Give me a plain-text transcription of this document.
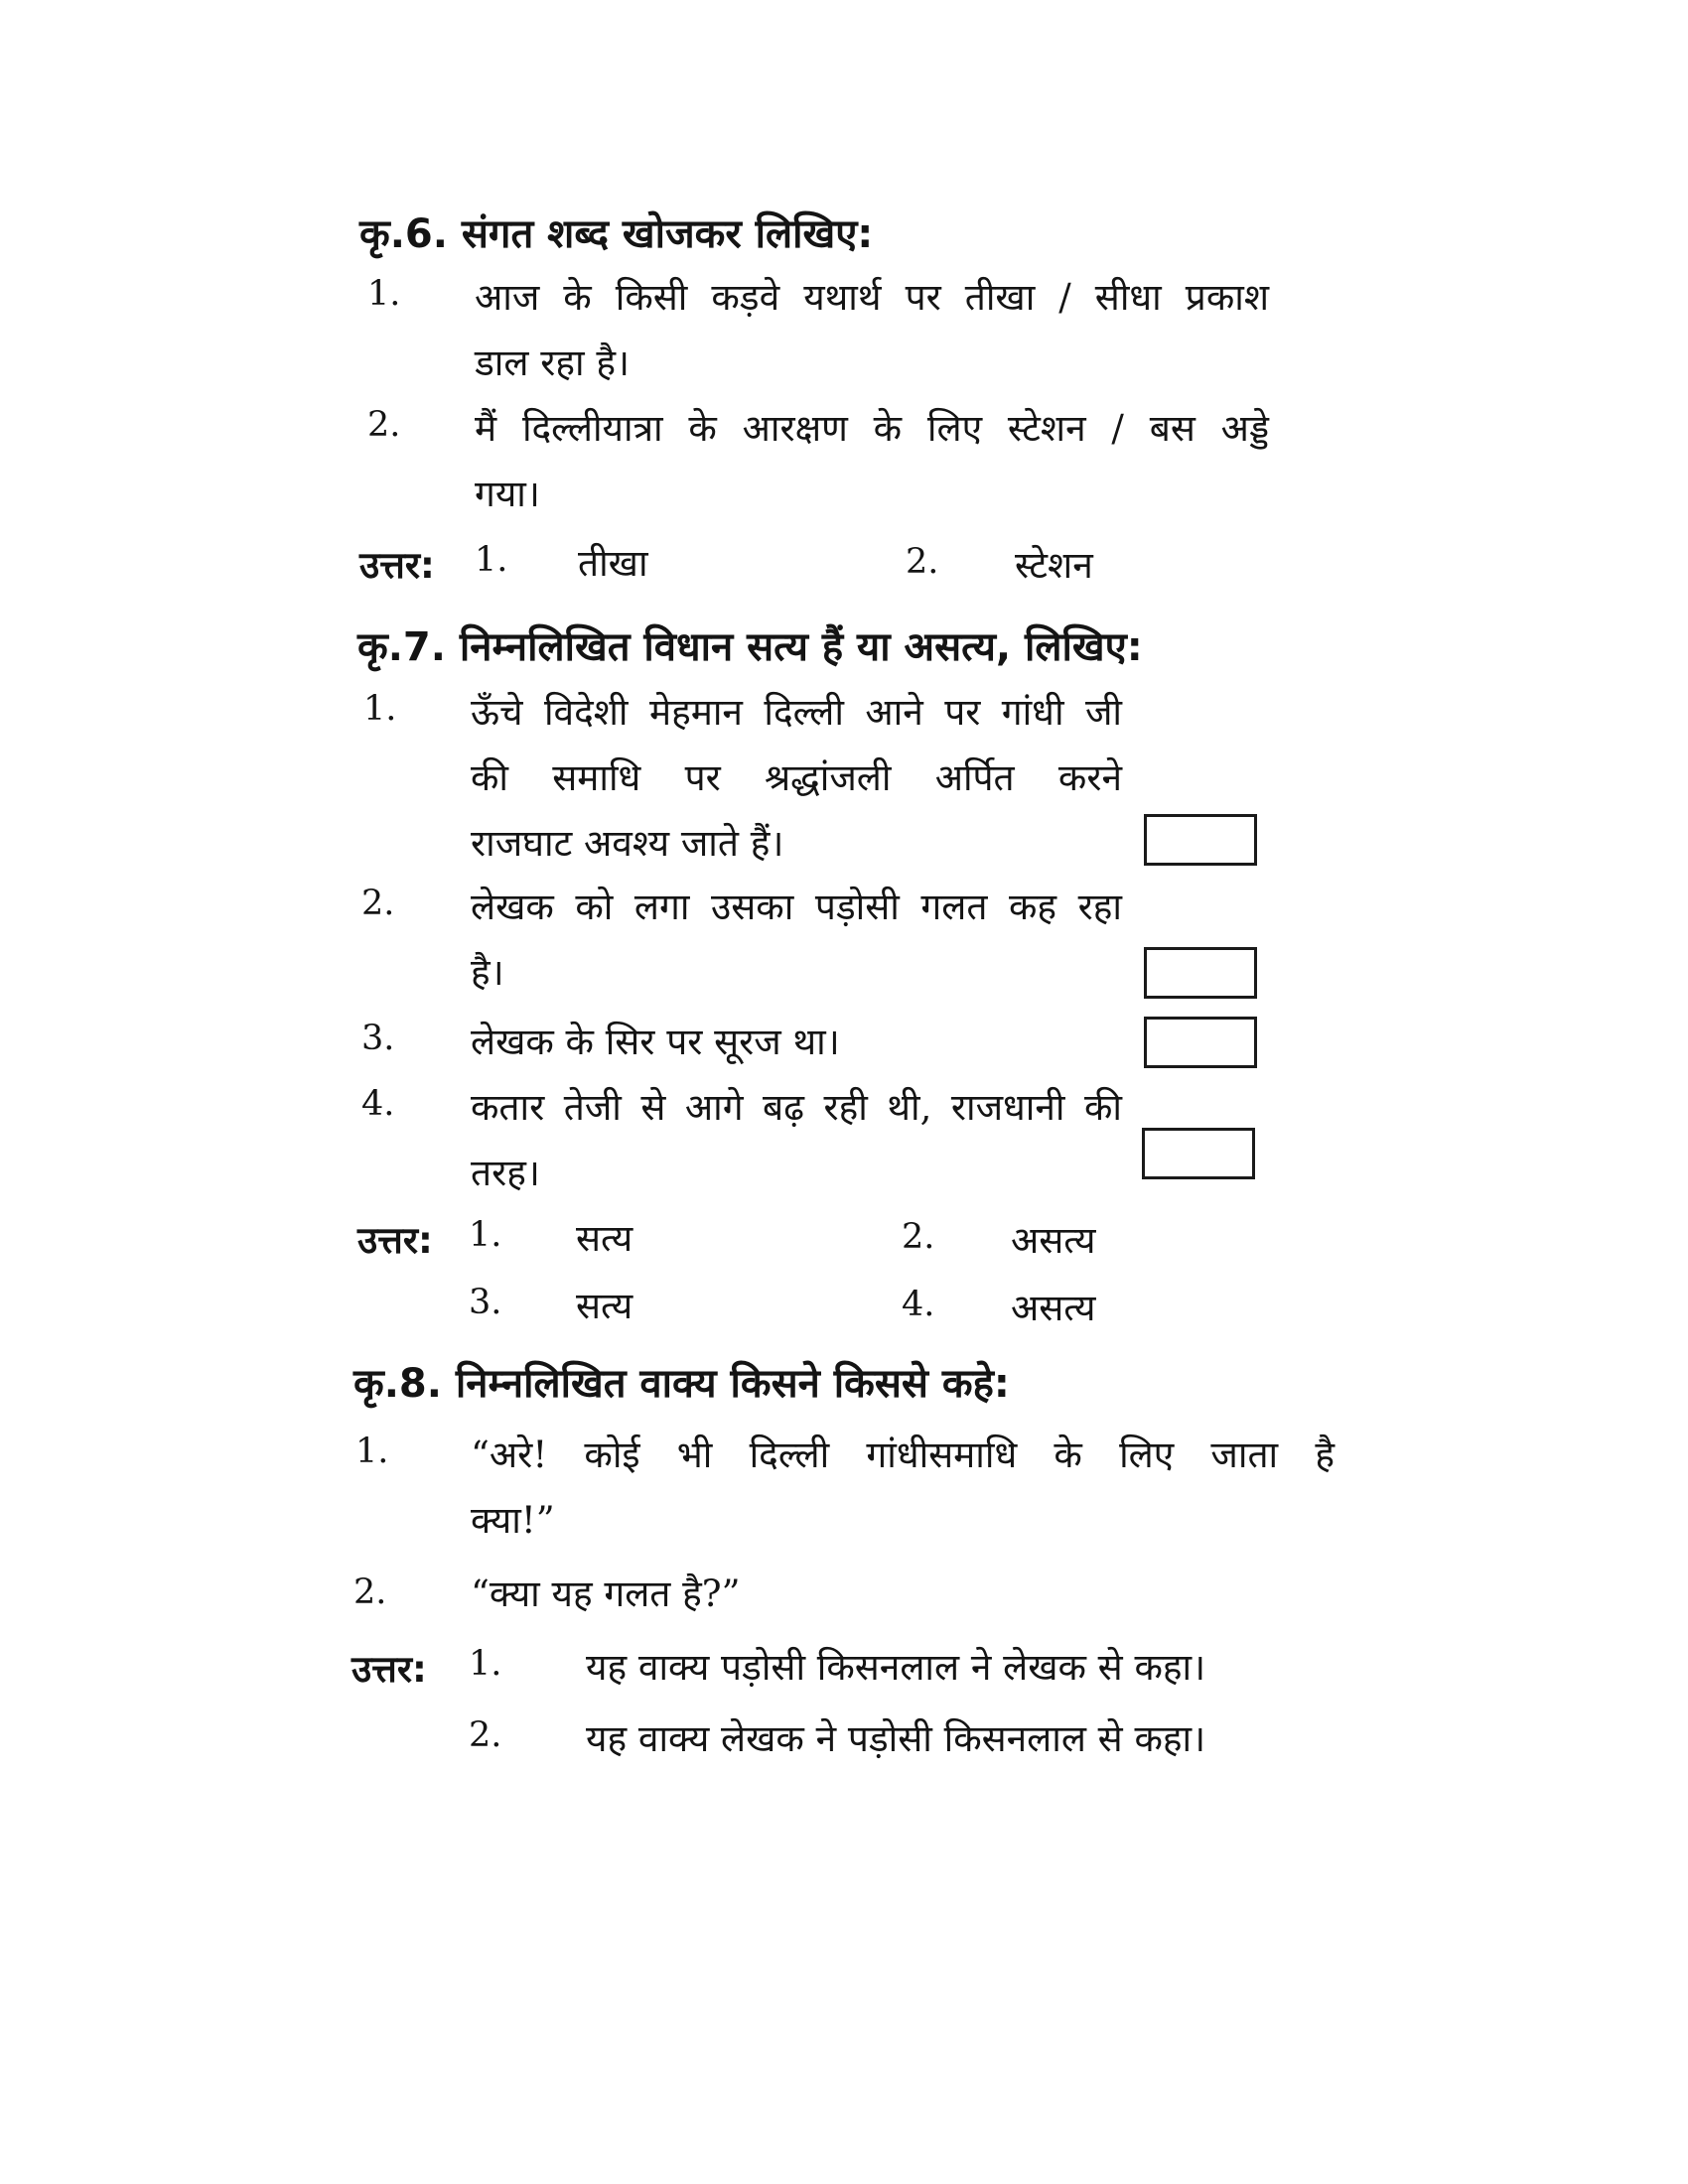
कृ.6. संगत शब्द खोजकर लिखिए:
1. आज के किसी कड़वे यथार्थ पर तीखा / सीधा प्रकाश
डाल रहा है।
2. मैं दिल्लीयात्रा के आरक्षण के लिए स्टेशन / बस अड्डे
गया।
उत्तर: 1. तीखा	2. स्टेशन
कृ.7. निम्नलिखित विधान सत्य हैं या असत्य, लिखिए:
1. ऊँचे विदेशी मेहमान दिल्ली आने पर गांधी जी
की समाधि पर श्रद्धांजली अर्पित करने
राजघाट अवश्य जाते हैं।
2. लेखक को लगा उसका पड़ोसी गलत कह रहा
है।
3. लेखक के सिर पर सूरज था।
4. कतार तेजी से आगे बढ़ रही थी, राजधानी की
तरह।
उत्तर: 1. सत्य	2. असत्य
3. सत्य	4. असत्य
कृ.8. निम्नलिखित वाक्य किसने किससे कहे:
1. “अरे! कोई भी दिल्ली गांधीसमाधि के लिए जाता है
क्या!”
2. “क्या यह गलत है?”
उत्तर: 1. यह वाक्य पड़ोसी किसनलाल ने लेखक से कहा।
2. यह वाक्य लेखक ने पड़ोसी किसनलाल से कहा।
